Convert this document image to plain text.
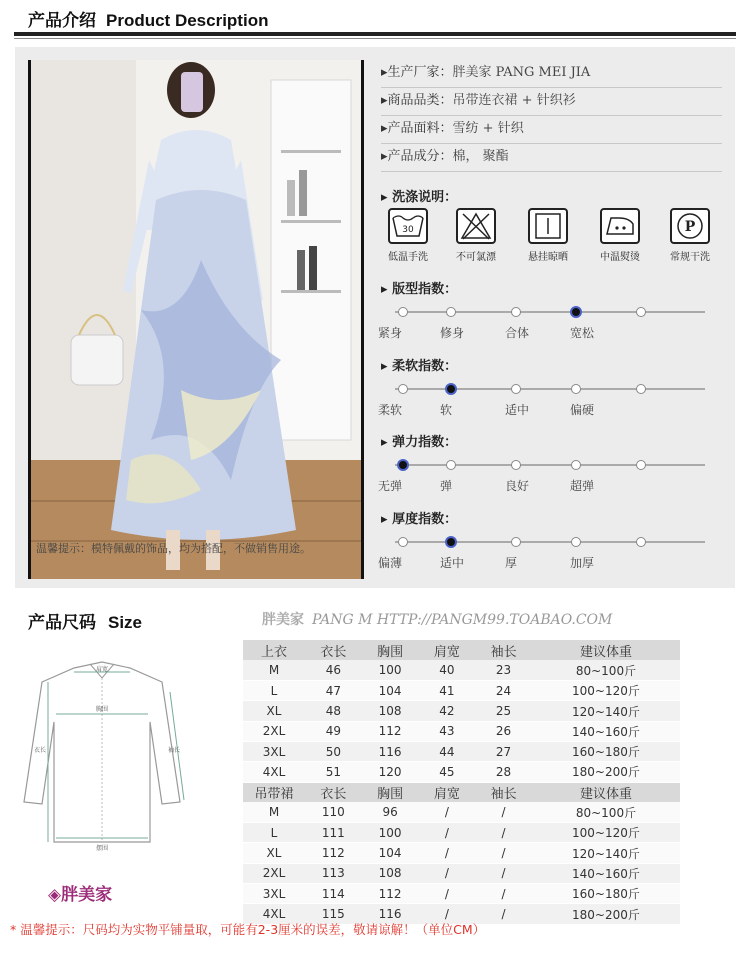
产品介绍 Product Description
温馨提示：模特佩戴的饰品，均为搭配，不做销售用途。
▸生产厂家：胖美家 PANG MEI JIA
▸商品品类：吊带连衣裙 + 针织衫
▸产品面料：雪纺 + 针织
▸产品成分：棉， 聚酯
▸ 洗涤说明：
30
低温手洗	不可氯漂	悬挂晾晒	中温熨烫
P
常规干洗
▸ 版型指数：
紧身	修身	合体	宽松
▸ 柔软指数：
柔软	软	适中	偏硬
▸ 弹力指数：
无弹	弹	良好	超弹
▸ 厚度指数：
偏薄	适中	厚	加厚
产品尺码 Size	胖美家 PANG M HTTP://PANGM99.TOABAO.COM
肩宽
胸围
摆围
衣长	袖长
上衣	衣长	胸围	肩宽	袖长	建议体重
M	46	100	40	23	80~100斤
L	47	104	41	24	100~120斤
XL	48	108	42	25	120~140斤
2XL	49	112	43	26	140~160斤
3XL	50	116	44	27	160~180斤
4XL	51	120	45	28	180~200斤
吊带裙	衣长	胸围	肩宽	袖长	建议体重
M	110	96	/	/	80~100斤
L	111	100	/	/	100~120斤
XL	112	104	/	/	120~140斤
2XL	113	108	/	/	140~160斤
3XL	114	112	/	/	160~180斤
4XL	115	116	/	/	180~200斤
◈胖美家
* 温馨提示：尺码均为实物平铺量取，可能有2-3厘米的误差，敬请谅解！（单位CM）
